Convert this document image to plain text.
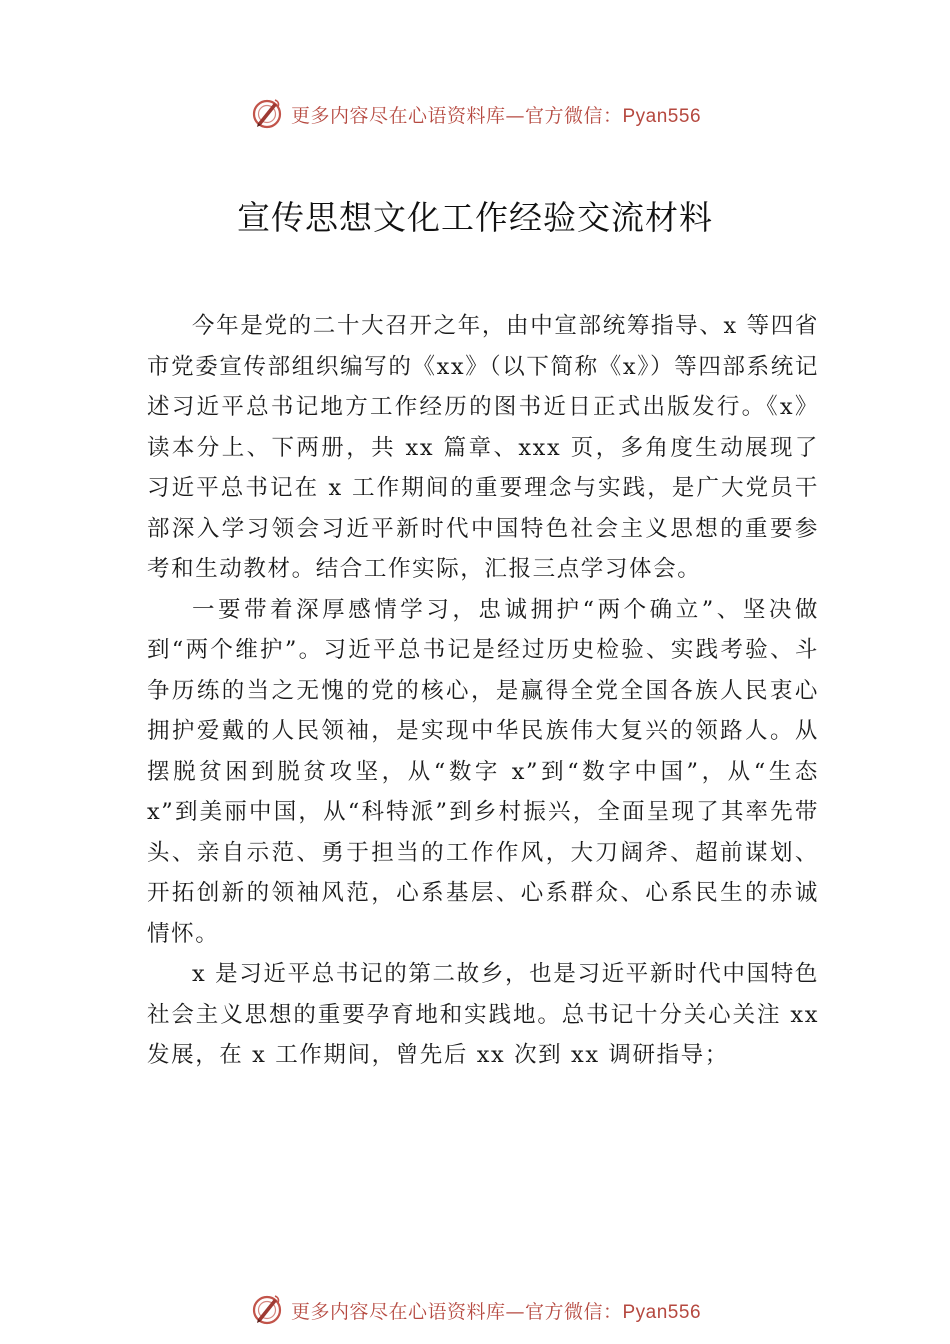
更多内容尽在心语资料库—官方微信：Pyan556
宣传思想文化工作经验交流材料

今年是党的二十大召开之年，由中宣部统筹指导、x 等四省市党委宣传部组织编写的《xx》（以下简称《x》）等四部系统记述习近平总书记地方工作经历的图书近日正式出版发行。《x》读本分上、下两册，共 xx 篇章、xxx 页，多角度生动展现了习近平总书记在 x 工作期间的重要理念与实践，是广大党员干部深入学习领会习近平新时代中国特色社会主义思想的重要参考和生动教材。结合工作实际，汇报三点学习体会。

一要带着深厚感情学习，忠诚拥护“两个确立”、坚决做到“两个维护”。习近平总书记是经过历史检验、实践考验、斗争历练的当之无愧的党的核心，是赢得全党全国各族人民衷心拥护爱戴的人民领袖，是实现中华民族伟大复兴的领路人。从摆脱贫困到脱贫攻坚，从“数字 x”到“数字中国”，从“生态 x”到美丽中国，从“科特派”到乡村振兴，全面呈现了其率先带头、亲自示范、勇于担当的工作作风，大刀阔斧、超前谋划、开拓创新的领袖风范，心系基层、心系群众、心系民生的赤诚情怀。

x 是习近平总书记的第二故乡，也是习近平新时代中国特色社会主义思想的重要孕育地和实践地。总书记十分关心关注 xx 发展，在 x 工作期间，曾先后 xx 次到 xx 调研指导；

更多内容尽在心语资料库—官方微信：Pyan556
